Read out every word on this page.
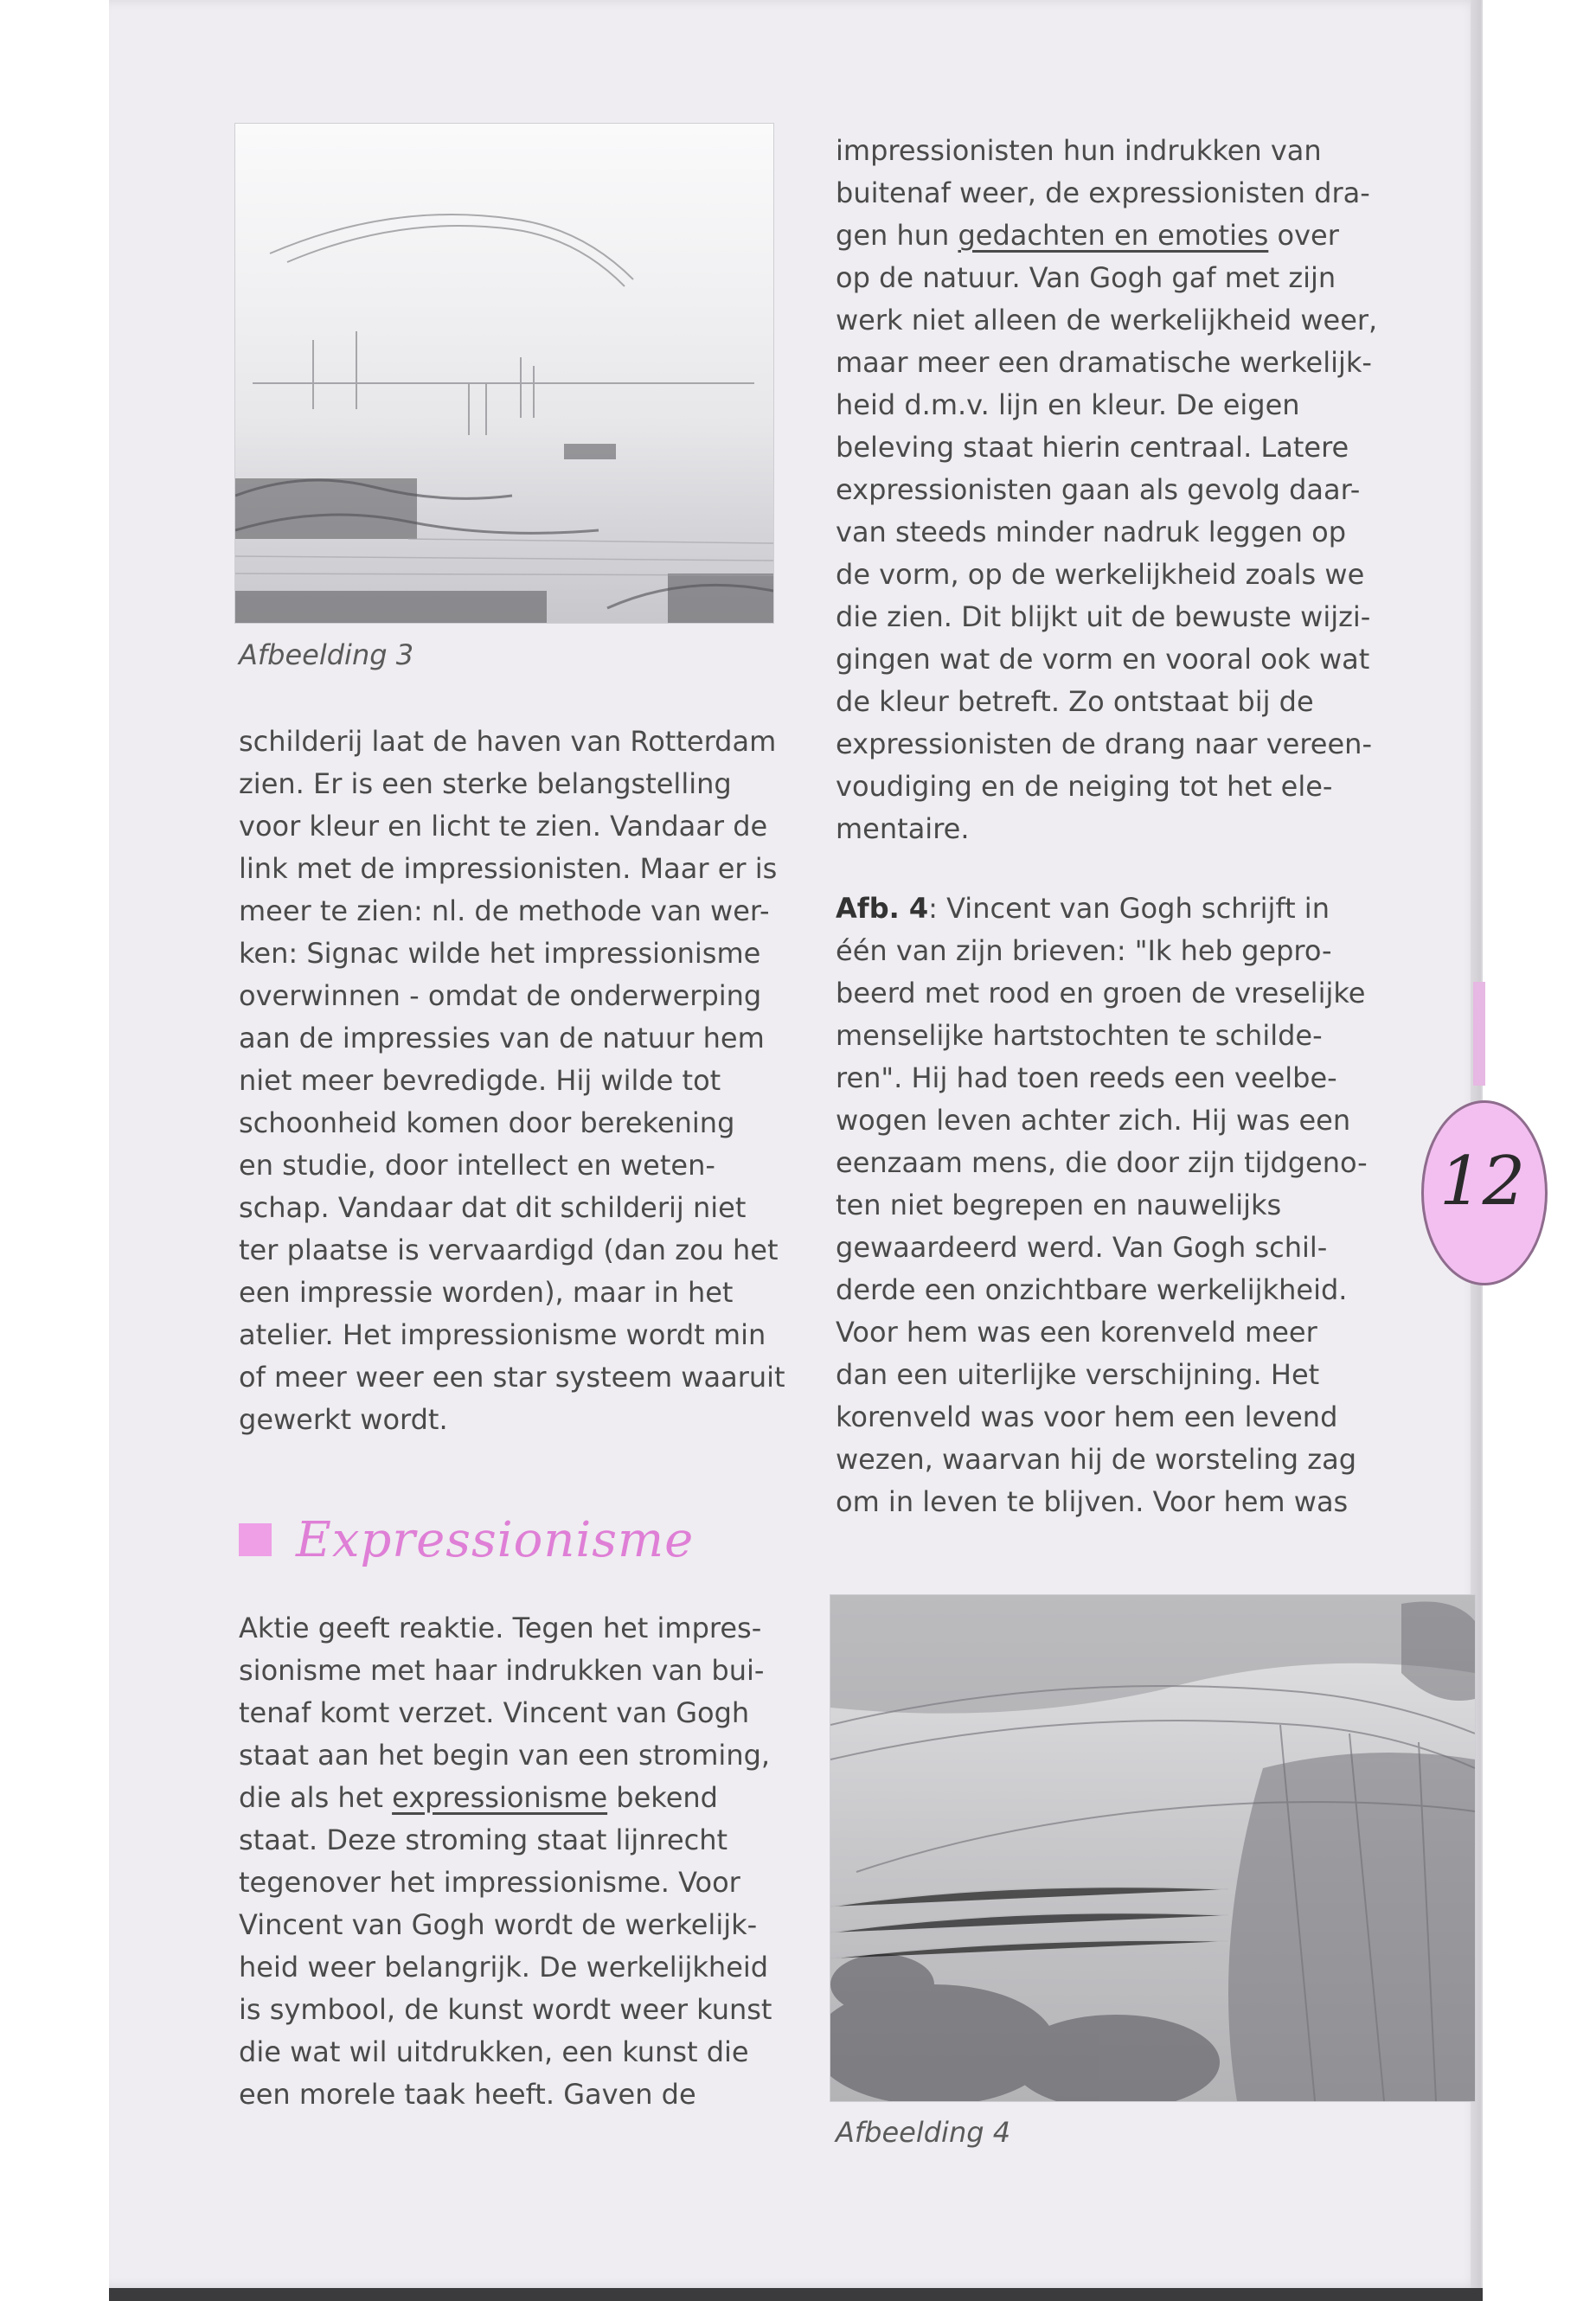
12

Afbeelding 3

impressionisten hun indrukken van

buitenaf weer, de expressionisten dra-

gen hun gedachten en emoties over

op de natuur. Van Gogh gaf met zijn

werk niet alleen de werkelijkheid weer,

maar meer een dramatische werkelijk-

heid d.m.v. lijn en kleur. De eigen

beleving staat hierin centraal. Latere

expressionisten gaan als gevolg daar-

van steeds minder nadruk leggen op

de vorm, op de werkelijkheid zoals we

die zien. Dit blijkt uit de bewuste wijzi-

gingen wat de vorm en vooral ook wat

de kleur betreft. Zo ontstaat bij de

expressionisten de drang naar vereen-

voudiging en de neiging tot het ele-

mentaire.

Afb. 4: Vincent van Gogh schrijft in

één van zijn brieven: "Ik heb gepro-

beerd met rood en groen de vreselijke

menselijke hartstochten te schilde-

ren". Hij had toen reeds een veelbe-

wogen leven achter zich. Hij was een

eenzaam mens, die door zijn tijdgeno-

ten niet begrepen en nauwelijks

gewaardeerd werd. Van Gogh schil-

derde een onzichtbare werkelijkheid.

Voor hem was een korenveld meer

dan een uiterlijke verschijning. Het

korenveld was voor hem een levend

wezen, waarvan hij de worsteling zag

om in leven te blijven. Voor hem was

schilderij laat de haven van Rotterdam

zien. Er is een sterke belangstelling

voor kleur en licht te zien. Vandaar de

link met de impressionisten. Maar er is

meer te zien: nl. de methode van wer-

ken: Signac wilde het impressionisme

overwinnen - omdat de onderwerping

aan de impressies van de natuur hem

niet meer bevredigde. Hij wilde tot

schoonheid komen door berekening

en studie, door intellect en weten-

schap. Vandaar dat dit schilderij niet

ter plaatse is vervaardigd (dan zou het

een impressie worden), maar in het

atelier. Het impressionisme wordt min

of meer weer een star systeem waaruit

gewerkt wordt.

Expressionisme

Aktie geeft reaktie. Tegen het impres-

sionisme met haar indrukken van bui-

tenaf komt verzet. Vincent van Gogh

staat aan het begin van een stroming,

die als het expressionisme bekend

staat. Deze stroming staat lijnrecht

tegenover het impressionisme. Voor

Vincent van Gogh wordt de werkelijk-

heid weer belangrijk. De werkelijkheid

is symbool, de kunst wordt weer kunst

die wat wil uitdrukken, een kunst die

een morele taak heeft. Gaven de

Afbeelding 4
